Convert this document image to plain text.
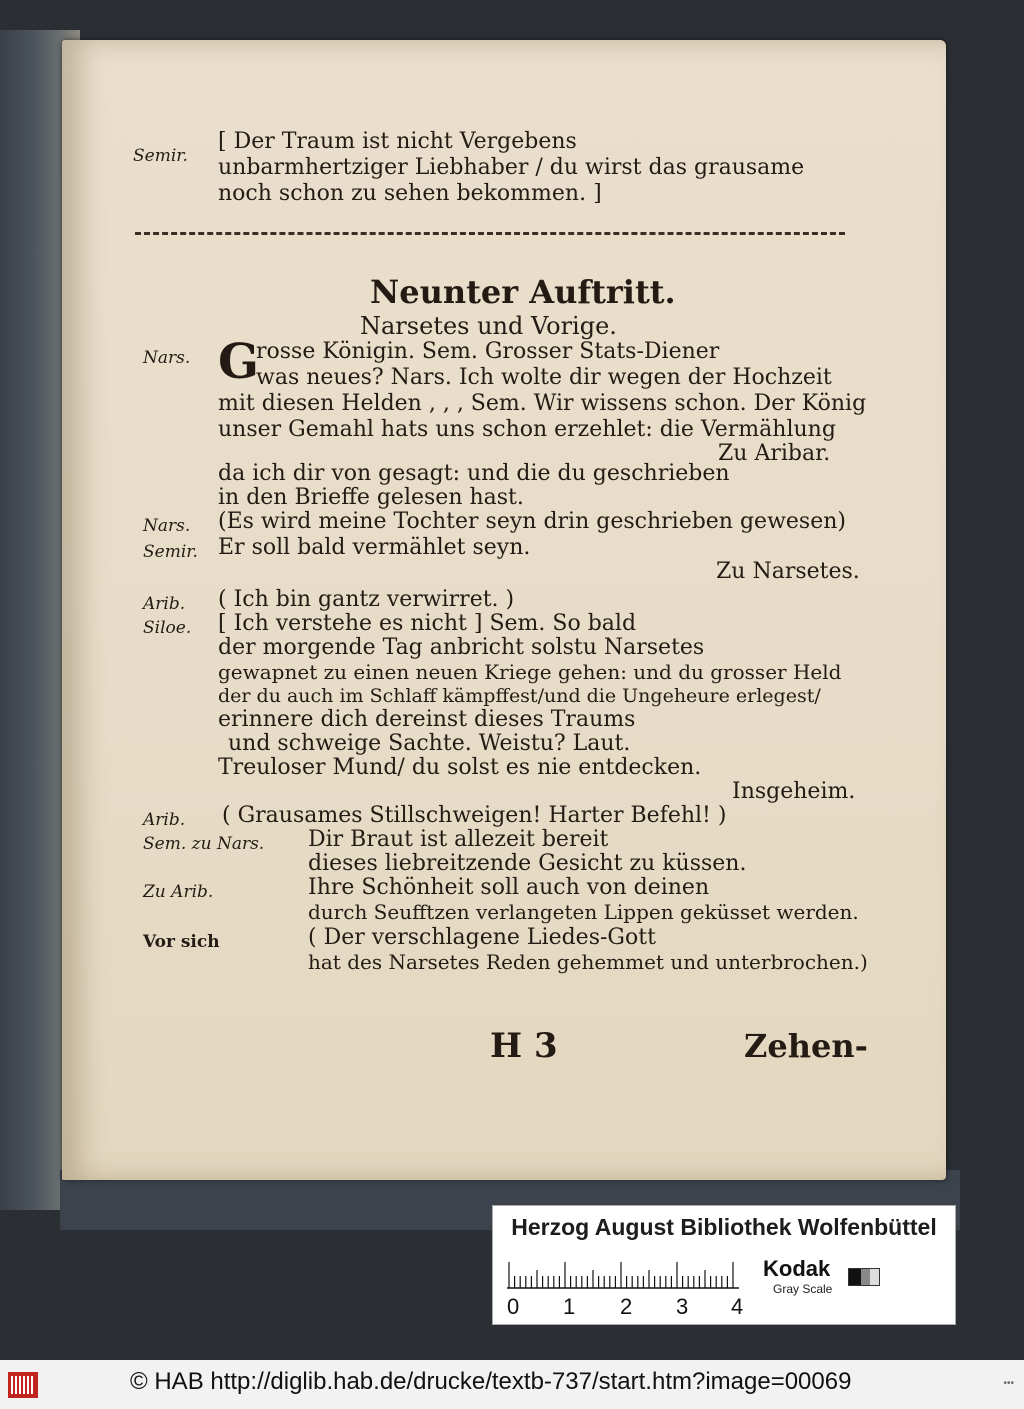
G
Semir.
Nars.
Nars.
Semir.
Arib.
Siloe.
Arib.
Sem. zu Nars.
Zu Arib.
Vor sich
[ Der Traum ist nicht Vergebens
unbarmhertziger Liebhaber / du wirst das grausame
noch schon zu sehen bekommen. ]
Neunter Auftritt.
Narsetes und Vorige.
rosse Königin. Sem. Grosser Stats-Diener
was neues? Nars. Ich wolte dir wegen der Hochzeit
mit diesen Helden , , , Sem. Wir wissens schon. Der König
unser Gemahl hats uns schon erzehlet: die Vermählung
Zu Aribar.
da ich dir von gesagt: und die du geschrieben
in den Brieffe gelesen hast.
(Es wird meine Tochter seyn drin geschrieben gewesen)
Er soll bald vermählet seyn.
Zu Narsetes.
( Ich bin gantz verwirret. )
[ Ich verstehe es nicht ] Sem. So bald
der morgende Tag anbricht solstu Narsetes
gewapnet zu einen neuen Kriege gehen: und du grosser Held
der du auch im Schlaff kämpffest/und die Ungeheure erlegest/
erinnere dich dereinst dieses Traums
und schweige Sachte. Weistu? Laut.
Treuloser Mund/ du solst es nie entdecken.
Insgeheim.
( Grausames Stillschweigen! Harter Befehl! )
Dir Braut ist allezeit bereit
dieses liebreitzende Gesicht zu küssen.
Ihre Schönheit soll auch von deinen
durch Seufftzen verlangeten Lippen geküsset werden.
( Der verschlagene Liedes-Gott
hat des Narsetes Reden gehemmet und unterbrochen.)
H 3	Zehen-
Herzog August Bibliothek Wolfenbüttel
0 1 2 3 4
Kodak
Gray Scale
© HAB http://diglib.hab.de/drucke/textb-737/start.htm?image=00069	•••
